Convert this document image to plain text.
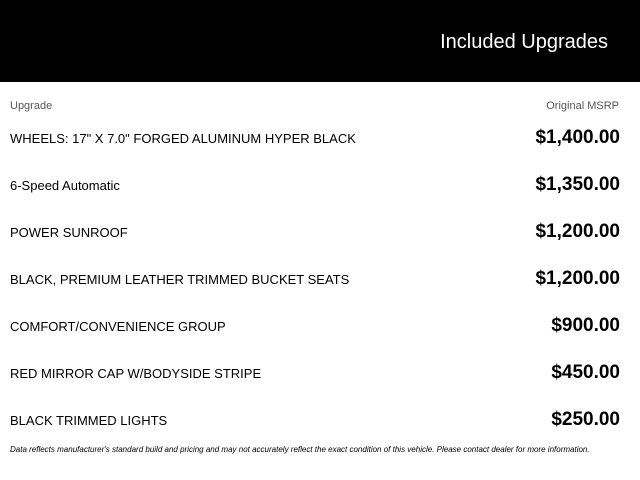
Included Upgrades
Upgrade	Original MSRP
WHEELS: 17" X 7.0" FORGED ALUMINUM HYPER BLACK	$1,400.00
6-Speed Automatic	$1,350.00
POWER SUNROOF	$1,200.00
BLACK, PREMIUM LEATHER TRIMMED BUCKET SEATS	$1,200.00
COMFORT/CONVENIENCE GROUP	$900.00
RED MIRROR CAP W/BODYSIDE STRIPE	$450.00
BLACK TRIMMED LIGHTS	$250.00
Data reflects manufacturer's standard build and pricing and may not accurately reflect the exact condition of this vehicle. Please contact dealer for more information.
